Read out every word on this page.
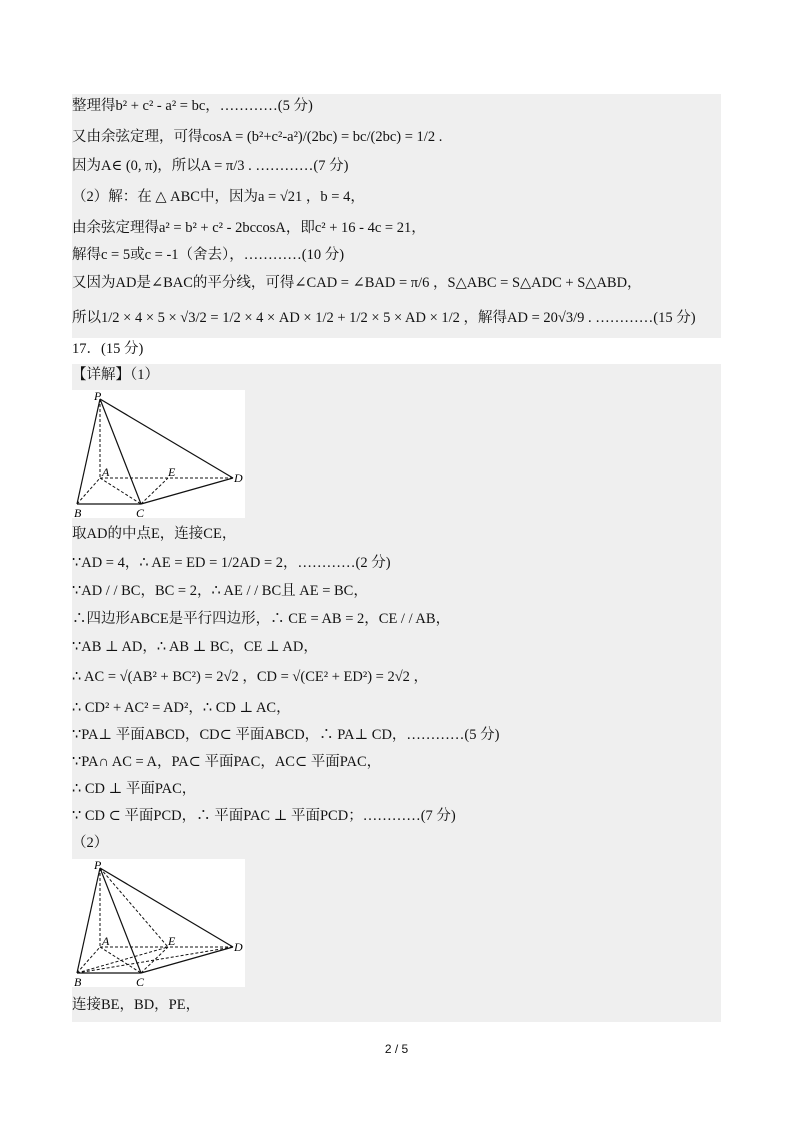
整理得b² + c² - a² = bc，…………(5 分)
又由余弦定理，可得cosA = (b²+c²-a²)/(2bc) = bc/(2bc) = 1/2 .
因为A∈ (0, π)，所以A = π/3 . …………(7 分)
（2）解：在 △ ABC中，因为a = √21 ，b = 4，
由余弦定理得a² = b² + c² - 2bccosA，即c² + 16 - 4c = 21，
解得c = 5或c = -1（舍去），…………(10 分)
又因为AD是∠BAC的平分线，可得∠CAD = ∠BAD = π/6 ，S△ABC = S△ADC + S△ABD，
所以1/2 × 4 × 5 × √3/2 = 1/2 × 4 × AD × 1/2 + 1/2 × 5 × AD × 1/2 ，解得AD = 20√3/9 . …………(15 分)
17．(15 分)
【详解】（1）
P
A	E	D
B	C
取AD的中点E，连接CE，
∵AD = 4，∴ AE = ED = 1/2AD = 2，…………(2 分)
∵AD / / BC，BC = 2，∴ AE / / BC且 AE = BC，
∴四边形ABCE是平行四边形，∴ CE = AB = 2，CE / / AB，
∵AB ⊥ AD，∴ AB ⊥ BC，CE ⊥ AD，
∴ AC = √(AB² + BC²) = 2√2 ，CD = √(CE² + ED²) = 2√2 ，
∴ CD² + AC² = AD²，∴ CD ⊥ AC，
∵PA⊥ 平面ABCD，CD⊂ 平面ABCD，∴ PA⊥ CD，…………(5 分)
∵PA∩ AC = A，PA⊂ 平面PAC，AC⊂ 平面PAC，
∴ CD ⊥ 平面PAC，
∵ CD ⊂ 平面PCD，∴ 平面PAC ⊥ 平面PCD；…………(7 分)
（2）
P
A	E	D
B	C
连接BE，BD，PE，
2 / 5
